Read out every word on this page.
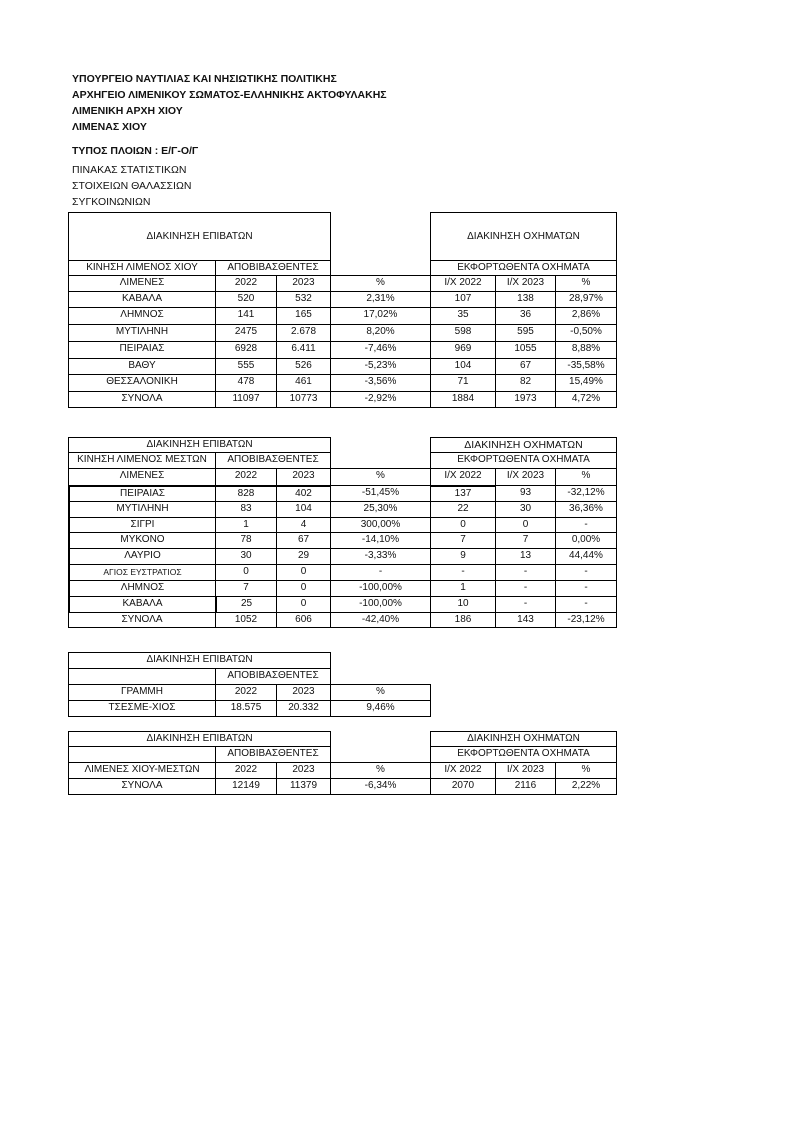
ΥΠΟΥΡΓΕΙΟ ΝΑΥΤΙΛΙΑΣ ΚΑΙ ΝΗΣΙΩΤΙΚΗΣ ΠΟΛΙΤΙΚΗΣ
ΑΡΧΗΓΕΙΟ ΛΙΜΕΝΙΚΟΥ ΣΩΜΑΤΟΣ-ΕΛΛΗΝΙΚΗΣ ΑΚΤΟΦΥΛΑΚΗΣ
ΛΙΜΕΝΙΚΗ ΑΡΧΗ ΧΙΟΥ
ΛΙΜΕΝΑΣ ΧΙΟΥ
ΤΥΠΟΣ ΠΛΟΙΩΝ : Ε/Γ-Ο/Γ
ΠΙΝΑΚΑΣ ΣΤΑΤΙΣΤΙΚΩΝ
ΣΤΟΙΧΕΙΩΝ ΘΑΛΑΣΣΙΩΝ
ΣΥΓΚΟΙΝΩΝΙΩΝ
ΔΙΑΚΙΝΗΣΗ ΕΠΙΒΑΤΩΝ	ΔΙΑΚΙΝΗΣΗ ΟΧΗΜΑΤΩΝ
ΚΙΝΗΣΗ ΛΙΜΕΝΟΣ ΧΙΟΥ	ΑΠΟΒΙΒΑΣΘΕΝΤΕΣ	ΕΚΦΟΡΤΩΘΕΝΤΑ ΟΧΗΜΑΤΑ
ΛΙΜΕΝΕΣ	2022	2023	%	Ι/Χ 2022	Ι/Χ 2023	%
ΚΑΒΑΛΑ	520	532	2,31%	107	138	28,97%
ΛΗΜΝΟΣ	141	165	17,02%	35	36	2,86%
ΜΥΤΙΛΗΝΗ	2475	2.678	8,20%	598	595	-0,50%
ΠΕΙΡΑΙΑΣ	6928	6.411	-7,46%	969	1055	8,88%
ΒΑΘΥ	555	526	-5,23%	104	67	-35,58%
ΘΕΣΣΑΛΟΝΙΚΗ	478	461	-3,56%	71	82	15,49%
ΣΥΝΟΛΑ	11097	10773	-2,92%	1884	1973	4,72%
ΔΙΑΚΙΝΗΣΗ ΕΠΙΒΑΤΩΝ	ΔΙΑΚΙΝΗΣΗ ΟΧΗΜΑΤΩΝ
ΚΙΝΗΣΗ ΛΙΜΕΝΟΣ ΜΕΣΤΩΝ	ΑΠΟΒΙΒΑΣΘΕΝΤΕΣ	ΕΚΦΟΡΤΩΘΕΝΤΑ ΟΧΗΜΑΤΑ
ΛΙΜΕΝΕΣ	2022	2023	%	Ι/Χ 2022	Ι/Χ 2023	%
ΠΕΙΡΑΙΑΣ	828	402	-51,45%	137	93	-32,12%
ΜΥΤΙΛΗΝΗ	83	104	25,30%	22	30	36,36%
ΣΙΓΡΙ	1	4	300,00%	0	0	-
ΜΥΚΟΝΟ	78	67	-14,10%	7	7	0,00%
ΛΑΥΡΙΟ	30	29	-3,33%	9	13	44,44%
ΑΓΙΟΣ ΕΥΣΤΡΑΤΙΟΣ	0	0	-	-	-	-
ΛΗΜΝΟΣ	7	0	-100,00%	1	-	-
ΚΑΒΑΛΑ	25	0	-100,00%	10	-	-
ΣΥΝΟΛΑ	1052	606	-42,40%	186	143	-23,12%
ΔΙΑΚΙΝΗΣΗ ΕΠΙΒΑΤΩΝ
ΑΠΟΒΙΒΑΣΘΕΝΤΕΣ
ΓΡΑΜΜΗ	2022	2023	%
ΤΣΕΣΜΕ-ΧΙΟΣ	18.575	20.332	9,46%
ΔΙΑΚΙΝΗΣΗ ΕΠΙΒΑΤΩΝ	ΔΙΑΚΙΝΗΣΗ ΟΧΗΜΑΤΩΝ
ΑΠΟΒΙΒΑΣΘΕΝΤΕΣ	ΕΚΦΟΡΤΩΘΕΝΤΑ ΟΧΗΜΑΤΑ
ΛΙΜΕΝΕΣ ΧΙΟΥ-ΜΕΣΤΩΝ	2022	2023	%	Ι/Χ 2022	Ι/Χ 2023	%
ΣΥΝΟΛΑ	12149	11379	-6,34%	2070	2116	2,22%
